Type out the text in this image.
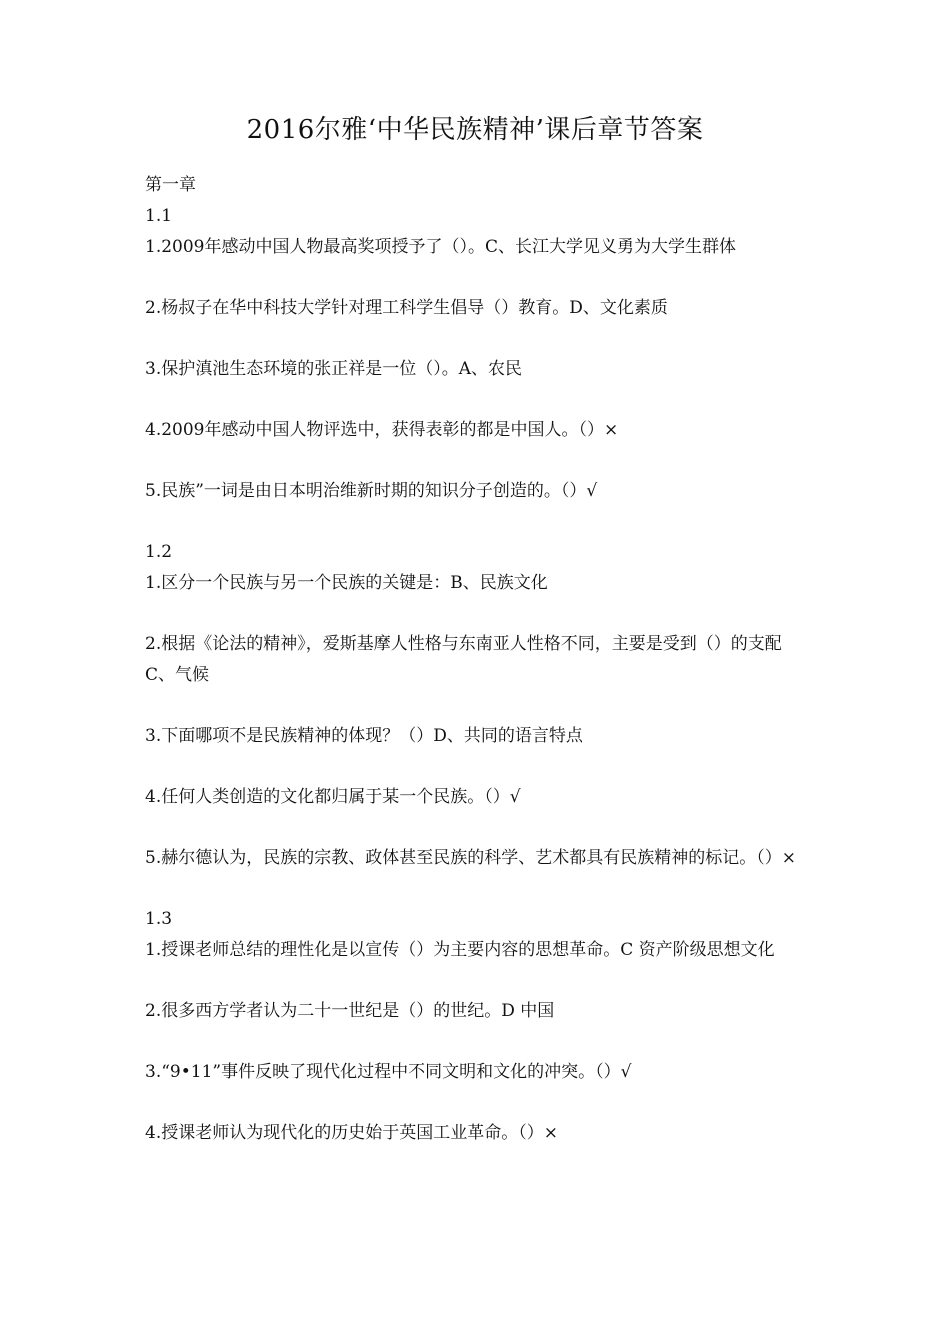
2016尔雅‘中华民族精神’课后章节答案
第一章
1.1
1.2009年感动中国人物最高奖项授予了（）。C、长江大学见义勇为大学生群体
2.杨叔子在华中科技大学针对理工科学生倡导（）教育。D、文化素质
3.保护滇池生态环境的张正祥是一位（）。A、农民
4.2009年感动中国人物评选中，获得表彰的都是中国人。（）×
5.民族”一词是由日本明治维新时期的知识分子创造的。（）√
1.2
1.区分一个民族与另一个民族的关键是：B、民族文化
2.根据《论法的精神》，爱斯基摩人性格与东南亚人性格不同，主要是受到（）的支配    C、气候
3.下面哪项不是民族精神的体现？（）D、共同的语言特点
4.任何人类创造的文化都归属于某一个民族。（）√
5.赫尔德认为，民族的宗教、政体甚至民族的科学、艺术都具有民族精神的标记。（）×
1.3
1.授课老师总结的理性化是以宣传（）为主要内容的思想革命。C 资产阶级思想文化
2.很多西方学者认为二十一世纪是（）的世纪。D 中国
3.“9•11”事件反映了现代化过程中不同文明和文化的冲突。（）√
4.授课老师认为现代化的历史始于英国工业革命。（）×
